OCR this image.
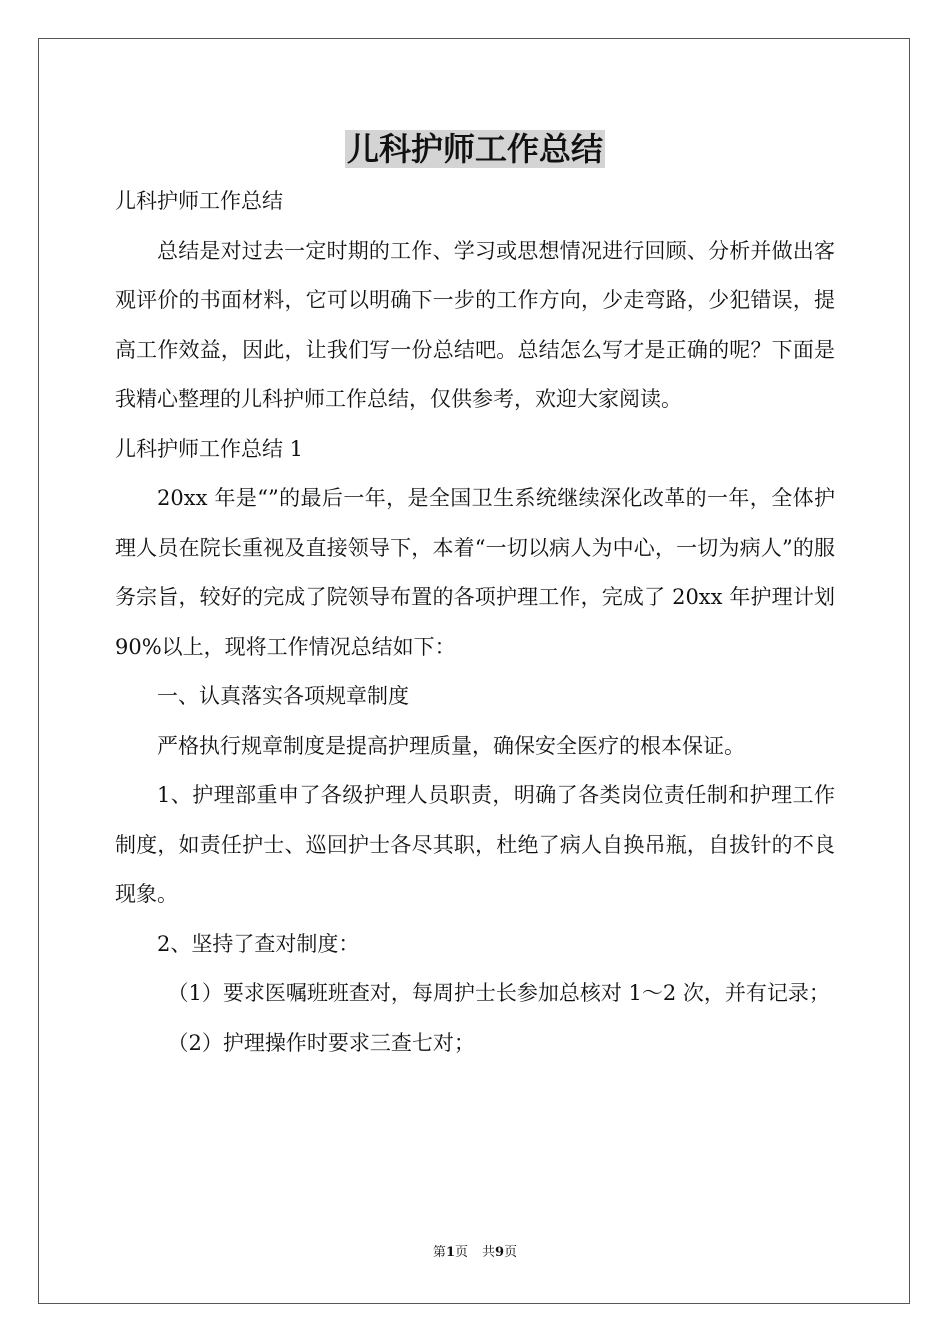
儿科护师工作总结

儿科护师工作总结

总结是对过去一定时期的工作、学习或思想情况进行回顾、分析并做出客观评价的书面材料，它可以明确下一步的工作方向，少走弯路，少犯错误，提高工作效益，因此，让我们写一份总结吧。总结怎么写才是正确的呢？下面是我精心整理的儿科护师工作总结，仅供参考，欢迎大家阅读。

儿科护师工作总结 1

20xx 年是“”的最后一年，是全国卫生系统继续深化改革的一年，全体护理人员在院长重视及直接领导下，本着“一切以病人为中心，一切为病人”的服务宗旨，较好的完成了院领导布置的各项护理工作，完成了 20xx 年护理计划 90%以上，现将工作情况总结如下：

一、认真落实各项规章制度

严格执行规章制度是提高护理质量，确保安全医疗的根本保证。

1、护理部重申了各级护理人员职责，明确了各类岗位责任制和护理工作制度，如责任护士、巡回护士各尽其职，杜绝了病人自换吊瓶，自拔针的不良现象。

2、坚持了查对制度：

（1）要求医嘱班班查对，每周护士长参加总核对 1～2 次，并有记录；

（2）护理操作时要求三查七对；

第1页 共9页
